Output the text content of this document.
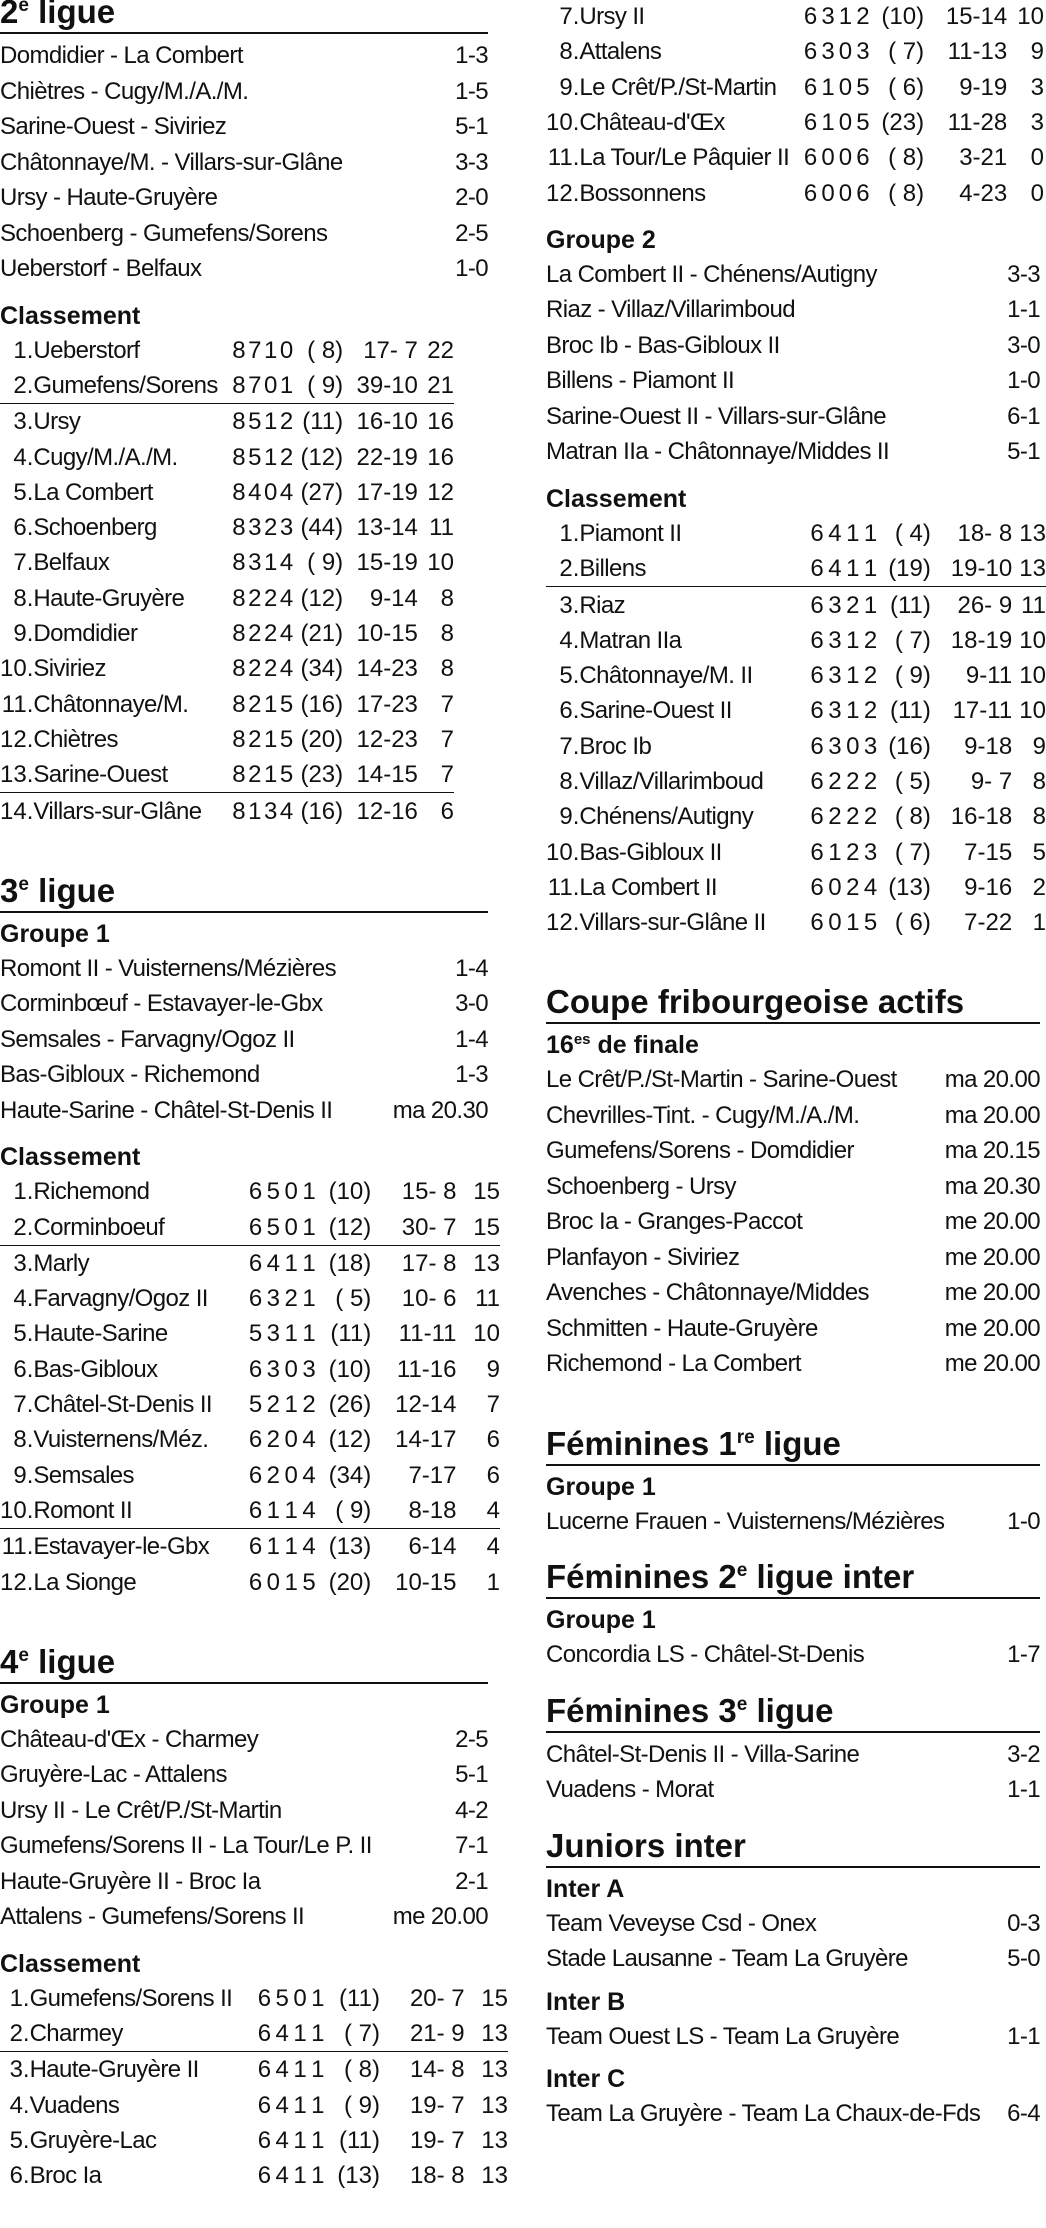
2e ligue
Domdidier - La Combert	1-3
Chiètres - Cugy/M./A./M.	1-5
Sarine-Ouest - Siviriez	5-1
Châtonnaye/M. - Villars-sur-Glâne	3-3
Ursy - Haute-Gruyère	2-0
Schoenberg - Gumefens/Sorens	2-5
Ueberstorf - Belfaux	1-0
Classement
1.	Ueberstorf	8	7	1	0	( 8)	17- 7	22
2.	Gumefens/Sorens	8	7	0	1	( 9)	39-10	21
3.	Ursy	8	5	1	2	(11)	16-10	16
4.	Cugy/M./A./M.	8	5	1	2	(12)	22-19	16
5.	La Combert	8	4	0	4	(27)	17-19	12
6.	Schoenberg	8	3	2	3	(44)	13-14	11
7.	Belfaux	8	3	1	4	( 9)	15-19	10
8.	Haute-Gruyère	8	2	2	4	(12)	9-14	8
9.	Domdidier	8	2	2	4	(21)	10-15	8
10.	Siviriez	8	2	2	4	(34)	14-23	8
11.	Châtonnaye/M.	8	2	1	5	(16)	17-23	7
12.	Chiètres	8	2	1	5	(20)	12-23	7
13.	Sarine-Ouest	8	2	1	5	(23)	14-15	7
14.	Villars-sur-Glâne	8	1	3	4	(16)	12-16	6
3e ligue
Groupe 1
Romont II - Vuisternens/Mézières	1-4
Corminbœuf - Estavayer-le-Gbx	3-0
Semsales - Farvagny/Ogoz II	1-4
Bas-Gibloux - Richemond	1-3
Haute-Sarine - Châtel-St-Denis II	ma 20.30
Classement
1.	Richemond	6	5	0	1	(10)	15- 8	15
2.	Corminboeuf	6	5	0	1	(12)	30- 7	15
3.	Marly	6	4	1	1	(18)	17- 8	13
4.	Farvagny/Ogoz II	6	3	2	1	( 5)	10- 6	11
5.	Haute-Sarine	5	3	1	1	(11)	11-11	10
6.	Bas-Gibloux	6	3	0	3	(10)	11-16	9
7.	Châtel-St-Denis II	5	2	1	2	(26)	12-14	7
8.	Vuisternens/Méz.	6	2	0	4	(12)	14-17	6
9.	Semsales	6	2	0	4	(34)	7-17	6
10.	Romont II	6	1	1	4	( 9)	8-18	4
11.	Estavayer-le-Gbx	6	1	1	4	(13)	6-14	4
12.	La Sionge	6	0	1	5	(20)	10-15	1
4e ligue
Groupe 1
Château-d'Œx - Charmey	2-5
Gruyère-Lac - Attalens	5-1
Ursy II - Le Crêt/P./St-Martin	4-2
Gumefens/Sorens II - La Tour/Le P. II	7-1
Haute-Gruyère II - Broc Ia	2-1
Attalens - Gumefens/Sorens II	me 20.00
Classement
1.	Gumefens/Sorens II	6	5	0	1	(11)	20- 7	15
2.	Charmey	6	4	1	1	( 7)	21- 9	13
3.	Haute-Gruyère II	6	4	1	1	( 8)	14- 8	13
4.	Vuadens	6	4	1	1	( 9)	19- 7	13
5.	Gruyère-Lac	6	4	1	1	(11)	19- 7	13
6.	Broc Ia	6	4	1	1	(13)	18- 8	13
7.	Ursy II	6	3	1	2	(10)	15-14	10
8.	Attalens	6	3	0	3	( 7)	11-13	9
9.	Le Crêt/P./St-Martin	6	1	0	5	( 6)	9-19	3
10.	Château-d'Œx	6	1	0	5	(23)	11-28	3
11.	La Tour/Le Pâquier II	6	0	0	6	( 8)	3-21	0
12.	Bossonnens	6	0	0	6	( 8)	4-23	0
Groupe 2
La Combert II - Chénens/Autigny	3-3
Riaz - Villaz/Villarimboud	1-1
Broc Ib - Bas-Gibloux II	3-0
Billens - Piamont II	1-0
Sarine-Ouest II - Villars-sur-Glâne	6-1
Matran IIa - Châtonnaye/Middes II	5-1
Classement
1.	Piamont II	6	4	1	1	( 4)	18- 8	13
2.	Billens	6	4	1	1	(19)	19-10	13
3.	Riaz	6	3	2	1	(11)	26- 9	11
4.	Matran IIa	6	3	1	2	( 7)	18-19	10
5.	Châtonnaye/M. II	6	3	1	2	( 9)	9-11	10
6.	Sarine-Ouest II	6	3	1	2	(11)	17-11	10
7.	Broc Ib	6	3	0	3	(16)	9-18	9
8.	Villaz/Villarimboud	6	2	2	2	( 5)	9- 7	8
9.	Chénens/Autigny	6	2	2	2	( 8)	16-18	8
10.	Bas-Gibloux II	6	1	2	3	( 7)	7-15	5
11.	La Combert II	6	0	2	4	(13)	9-16	2
12.	Villars-sur-Glâne II	6	0	1	5	( 6)	7-22	1
Coupe fribourgeoise actifs
$16^{es}$ de finale
Le Crêt/P./St-Martin - Sarine-Ouest ma 20.00
Chevrilles-Tint. - Cugy/M./A./M.	ma 20.00
Gumefens/Sorens - Domdidier	ma 20.15
Schoenberg - Ursy	ma 20.30
Broc Ia - Granges-Paccot	me 20.00
Planfayon - Siviriez	me 20.00
Avenches - Châtonnaye/Middes	me 20.00
Schmitten - Haute-Gruyère	me 20.00
Richemond - La Combert	me 20.00
Féminines 1re ligue
Groupe 1
Lucerne Frauen - Vuisternens/Mézières	1-0
Féminines 2e ligue inter
Groupe 1
Concordia LS - Châtel-St-Denis	1-7
Féminines 3e ligue
Châtel-St-Denis II - Villa-Sarine	3-2
Vuadens - Morat	1-1
Juniors inter
Inter A
Team Veveyse Csd - Onex	0-3
Stade Lausanne - Team La Gruyère	5-0
Inter B
Team Ouest LS - Team La Gruyère	1-1
Inter C
Team La Gruyère - Team La Chaux-de-Fds 6-4
